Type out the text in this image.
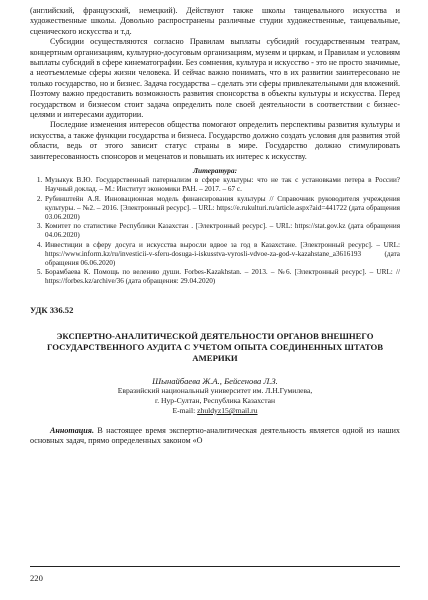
(английский, французский, немецкий). Действуют также школы танцевального искусства и художественные школы. Довольно распространены различные студии художественные, танцевальные, сценического искусства и т.д.

Субсидии осуществляются согласно Правилам выплаты субсидий государственным театрам, концертным организациям, культурно-досуговым организациям, музеям и циркам, и Правилам и условиям выплаты субсидий в сфере кинематографии. Без сомнения, культура и искусство - это не просто значимые, а неотъемлемые сферы жизни человека. И сейчас важно понимать, что в их развитии заинтересовано не только государство, но и бизнес. Задача государства – сделать эти сферы привлекательными для вложений. Поэтому важно предоставить возможность развития спонсорства в объекты культуры и искусства. Перед государством и бизнесом стоит задача определить поле своей деятельности в соответствии с бизнес-целями и интересами аудитории.

Последние изменения интересов общества помогают определить перспективы развития культуры и искусства, а также функции государства и бизнеса. Государство должно создать условия для развития этой области, ведь от этого зависит статус страны в мире. Государство должно стимулировать заинтересованность спонсоров и меценатов и повышать их интерес к искусству.

Литература:

1. Музыкук В.Ю. Государственный патернализм в сфере культуры: что не так с установками петера в России? Научный доклад. – М.: Институт экономики РАН. – 2017. – 67 с.
2. Рубинштейн А.Я. Инновационная модель финансирования культуры // Справочник руководителя учреждения культуры. – №2. – 2016. [Электронный ресурс]. – URL: https://e.rukulturi.ru/article.aspx?aid=441722 (дата обращения 03.06.2020)
3. Комитет по статистике Республики Казахстан . [Электронный ресурс]. – URL: https://stat.gov.kz (дата обращения 04.06.2020)
4. Инвестиции в сферу досуга и искусства выросли вдвое за год в Казахстане. [Электронный ресурс]. – URL: https://www.inform.kz/ru/investicii-v-sferu-dosuga-i-iskusstva-vyrosli-vdvoe-za-god-v-kazahstane_a3616193 (дата обращения 06.06.2020)
5. Борамбаева К. Помощь по велению души. Forbes-Kazakhstan. – 2013. – №6. [Электронный ресурс]. – URL: // https://forbes.kz/archive/36 (дата обращения: 29.04.2020)

УДК 336.52

ЭКСПЕРТНО-АНАЛИТИЧЕСКОЙ ДЕЯТЕЛЬНОСТИ ОРГАНОВ ВНЕШНЕГО ГОСУДАРСТВЕННОГО АУДИТА С УЧЕТОМ ОПЫТА СОЕДИНЕННЫХ ШТАТОВ АМЕРИКИ

Шынайбаева Ж.А., Бейсенова Л.З.

Евразийский национальный университет им. Л.Н.Гумилева,

г. Нур-Султан, Республика Казахстан

E-mail: zhuldyz15@mail.ru

Аннотация. В настоящее время экспертно-аналитическая деятельность является одной из наших основных задач, прямо определенных законом «О

220
